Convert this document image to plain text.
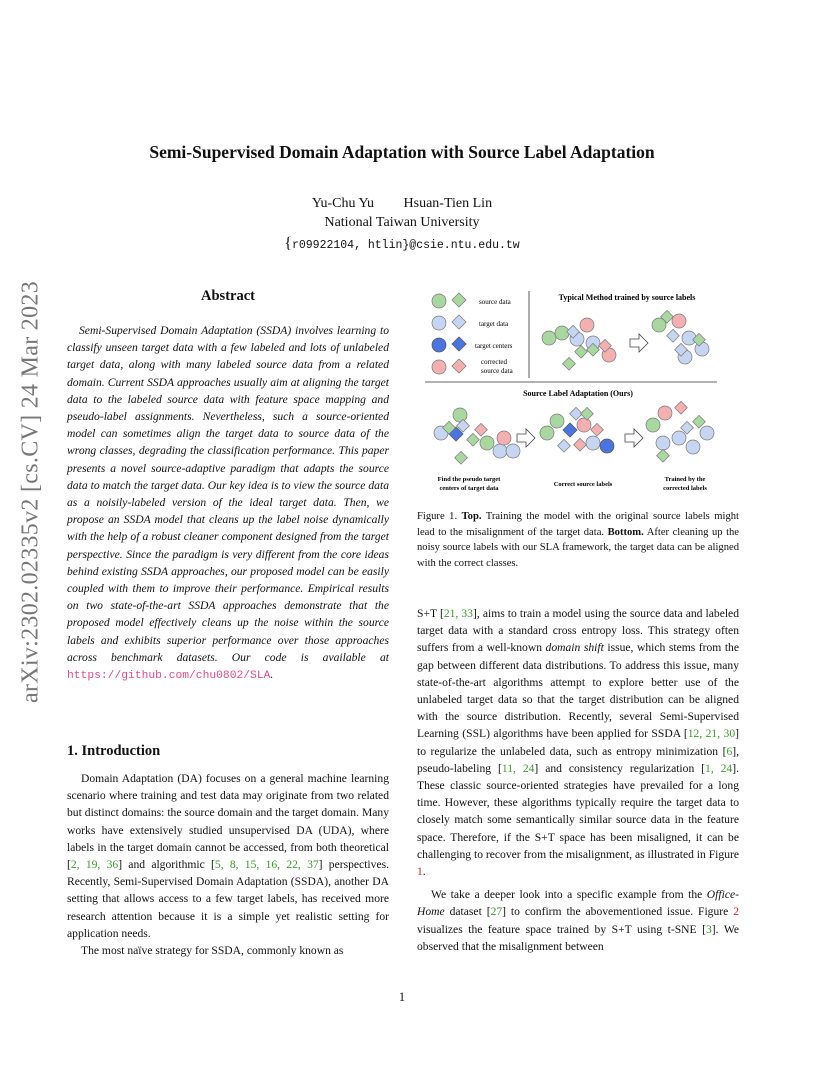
Semi-Supervised Domain Adaptation with Source Label Adaptation
Yu-Chu Yu Hsuan-Tien Lin
National Taiwan University
{r09922104, htlin}@csie.ntu.edu.tw
arXiv:2302.02335v2 [cs.CV] 24 Mar 2023	Abstract

Semi-Supervised Domain Adaptation (SSDA) involves learning to classify unseen target data with a few labeled and lots of unlabeled target data, along with many labeled source data from a related domain. Current SSDA approaches usually aim at aligning the target data to the labeled source data with feature space mapping and pseudo-label assignments. Nevertheless, such a source-oriented model can sometimes align the target data to source data of the wrong classes, degrading the classification performance. This paper presents a novel source-adaptive paradigm that adapts the source data to match the target data. Our key idea is to view the source data as a noisily-labeled version of the ideal target data. Then, we propose an SSDA model that cleans up the label noise dynamically with the help of a robust cleaner component designed from the target perspective. Since the paradigm is very different from the core ideas behind existing SSDA approaches, our proposed model can be easily coupled with them to improve their performance. Empirical results on two state-of-the-art SSDA approaches demonstrate that the proposed model effectively cleans up the noise within the source labels and exhibits superior performance over those approaches across benchmark datasets. Our code is available at https://github.com/chu0802/SLA.

1. Introduction

Domain Adaptation (DA) focuses on a general machine learning scenario where training and test data may originate from two related but distinct domains: the source domain and the target domain. Many works have extensively studied unsupervised DA (UDA), where labels in the target domain cannot be accessed, from both theoretical [2, 19, 36] and algorithmic [5, 8, 15, 16, 22, 37] perspectives. Recently, Semi-Supervised Domain Adaptation (SSDA), another DA setting that allows access to a few target labels, has received more research attention because it is a simple yet realistic setting for application needs.

The most naïve strategy for SSDA, commonly known as

source data
target data
target centers
corrected source data
Typical Method trained by source labels
Source Label Adaptation (Ours)
Find the pseudo target centers of target data
Correct source labels
Trained by the corrected labels

Figure 1. Top. Training the model with the original source labels might lead to the misalignment of the target data. Bottom. After cleaning up the noisy source labels with our SLA framework, the target data can be aligned with the correct classes.

S+T [21, 33], aims to train a model using the source data and labeled target data with a standard cross entropy loss. This strategy often suffers from a well-known domain shift issue, which stems from the gap between different data distributions. To address this issue, many state-of-the-art algorithms attempt to explore better use of the unlabeled target data so that the target distribution can be aligned with the source distribution. Recently, several Semi-Supervised Learning (SSL) algorithms have been applied for SSDA [12, 21, 30] to regularize the unlabeled data, such as entropy minimization [6], pseudo-labeling [11, 24] and consistency regularization [1, 24]. These classic source-oriented strategies have prevailed for a long time. However, these algorithms typically require the target data to closely match some semantically similar source data in the feature space. Therefore, if the S+T space has been misaligned, it can be challenging to recover from the misalignment, as illustrated in Figure 1.

We take a deeper look into a specific example from the Office-Home dataset [27] to confirm the abovementioned issue. Figure 2 visualizes the feature space trained by S+T using t-SNE [3]. We observed that the misalignment between

1
